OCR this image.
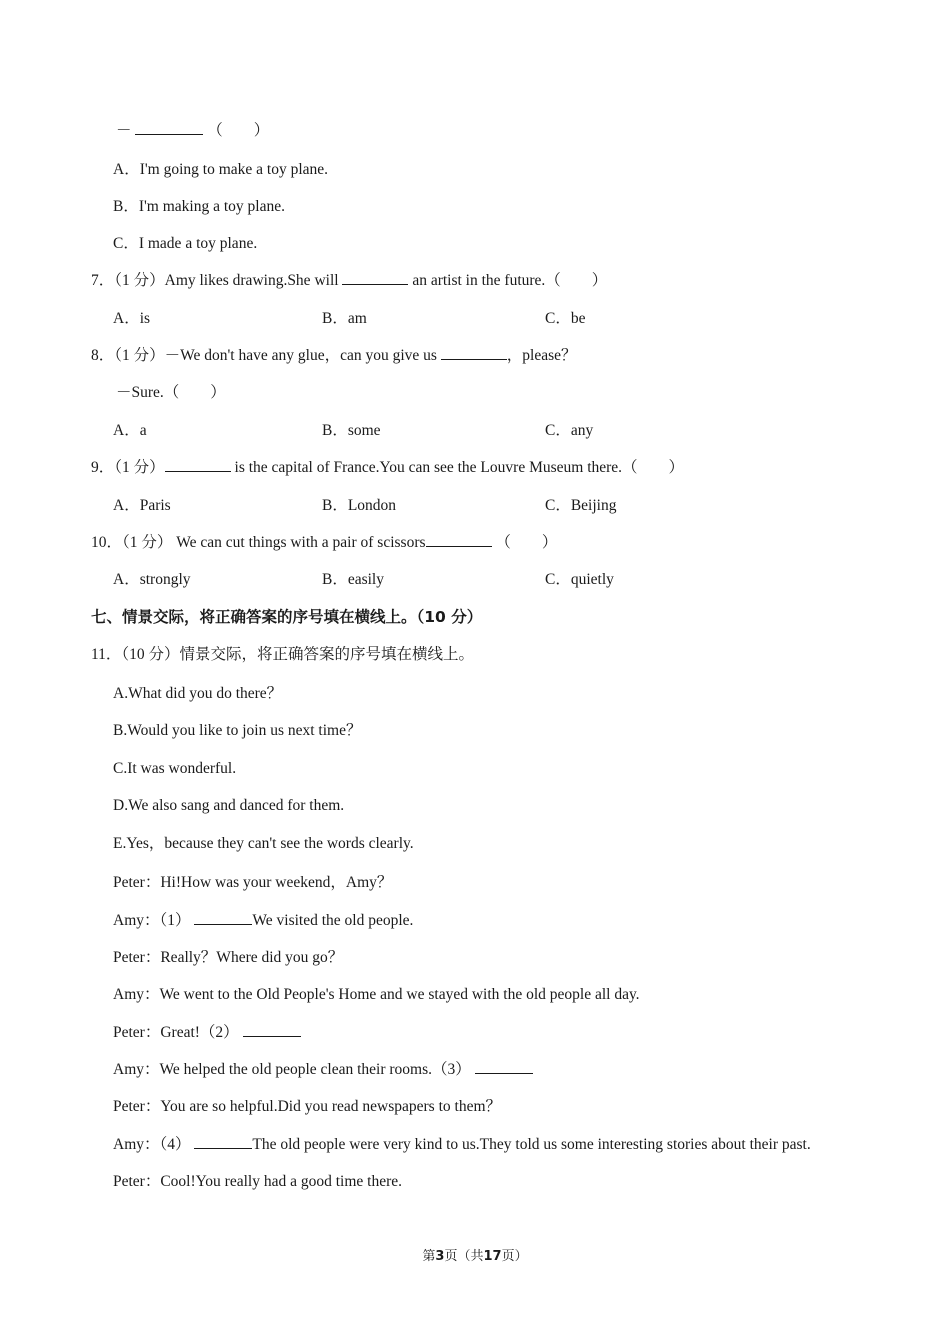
－	（　　）
A．I'm going to make a toy plane.
B．I'm making a toy plane.
C．I made a toy plane.
7．（1 分）Amy likes drawing.She will	an artist in the future.（　　）
A．is	B．am	C．be
8．（1 分）－We don't have any glue，can you give us	，please？
－Sure.（　　）
A．a	B．some	C．any
9．（1 分）	is the capital of France.You can see the Louvre Museum there.（　　）
A．Paris	B．London	C．Beijing
10．（1 分） We can cut things with a pair of scissors	（　　）
A．strongly	B．easily	C．quietly
七、情景交际，将正确答案的序号填在横线上。（10 分）
11．（10 分）情景交际，将正确答案的序号填在横线上。
A.What did you do there？
B.Would you like to join us next time？
C.It was wonderful.
D.We also sang and danced for them.
E.Yes，because they can't see the words clearly.
Peter：Hi!How was your weekend，Amy？
Amy：（1）	We visited the old people.
Peter：Really？Where did you go？
Amy：We went to the Old People's Home and we stayed with the old people all day.
Peter：Great!（2）
Amy：We helped the old people clean their rooms.（3）
Peter：You are so helpful.Did you read newspapers to them？
Amy：（4）	The old people were very kind to us.They told us some interesting stories about their past.
Peter：Cool!You really had a good time there.
第3页（共17页）
